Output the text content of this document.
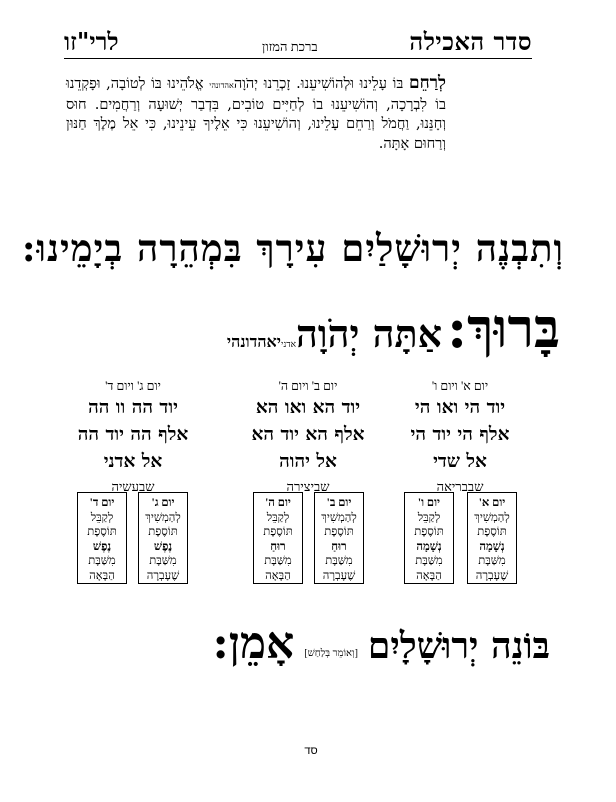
סדר האכילה
ברכת המזון
לרי"זו
לְרַחֵם בּוֹ עָלֵינוּ וּלְהוֹשִׁיעֵנוּ. זָכְרֵנוּ יְהֹוָהאהדונהי אֱלֹהֵינוּ בּוֹ לְטוֹבָה, וּפָקְדֵנוּ בוֹ לִבְרָכָה, וְהוֹשִׁיעֵנוּ בוֹ לְחַיִּים טוֹבִים, בִּדְבַר יְשׁוּעָה וְרַחֲמִים. חוּס וְחָנֵּנוּ, וַחֲמֹל וְרַחֵם עָלֵינוּ, וְהוֹשִׁיעֵנוּ כִּי אֵלֶיךָ עֵינֵינוּ, כִּי אֵל מֶלֶךְ חַנּוּן וְרַחוּם אָתָּה.
וְתִבְנֶה יְרוּשָׁלַיִם עִירָךְ בִּמְהֵרָה בְיָמֵינוּ:
בָּרוּךְ: אַתָּה יְהֹוָהאדנייאהדונהי
יום א' ויום ו'
יוד הי ואו הי
אלף הי יוד הי
אל שדי
שבבריאה
יום ב' ויום ה'
יוד הא ואו הא
אלף הא יוד הא
אל יהוה
שביצירה
יום ג' ויום ד'
יוד הה וו הה
אלף הה יוד הה
אל אדני
שבעשיה
יום א'
לְהַמְשִׁיךְ
תּוֹסֶפֶת
נְשָׁמָה
מִשַּׁבָּת
שֶׁעָבְרָה
יום ו'
לְקַבֵּל
תּוֹסֶפֶת
נְשָׁמָה
מִשַּׁבָּת
הַבָּאָה
יום ב'
לְהַמְשִׁיךְ
תּוֹסֶפֶת
רוּחַ
מִשַּׁבָּת
שֶׁעָבְרָה
יום ה'
לְקַבֵּל
תּוֹסֶפֶת
רוּחַ
מִשַּׁבָּת
הַבָּאָה
יום ג'
לְהַמְשִׁיךְ
תּוֹסֶפֶת
נֶפֶשׁ
מִשַּׁבָּת
שֶׁעָבְרָה
יום ד'
לְקַבֵּל
תּוֹסֶפֶת
נֶפֶשׁ
מִשַּׁבָּת
הַבָּאָה
בּוֹנֵה יְרוּשָׁלָיִם[וְאוֹמֵר בְּלַחַשׁ]אָמֵן:
סד
